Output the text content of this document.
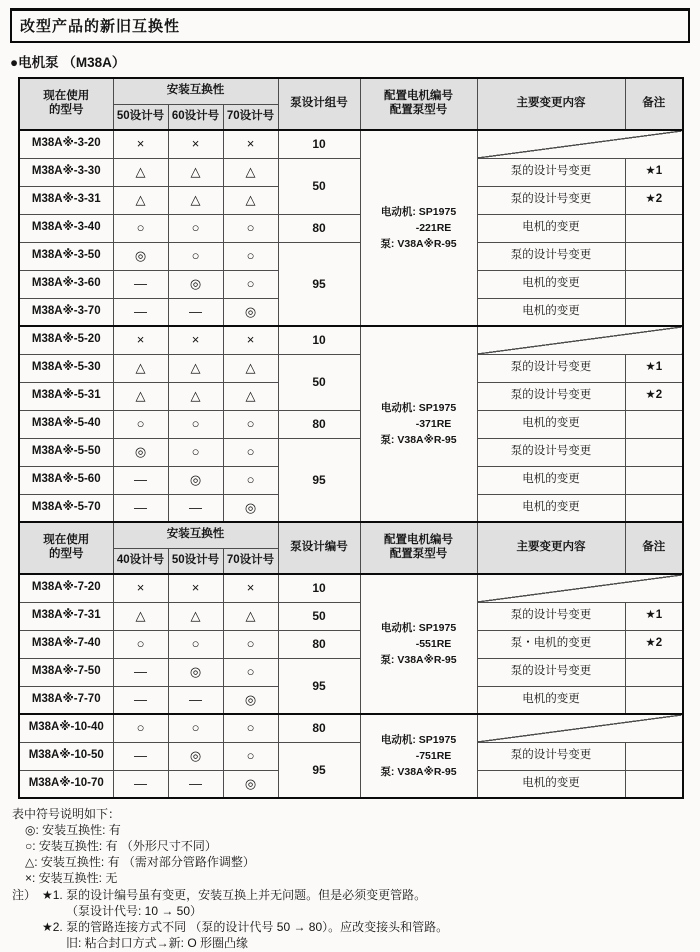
改型产品的新旧互换性
●电机泵 （M38A）
现在使用
的型号
	安装互换性	泵设计组号	
配置电机编号
配置泵型号
	主要变更内容	备注
	50设计号	60设计号	70设计号				
M38A※-3-20	×	×	×	10	电动机: SP1975
-221RE
泵: V38A※R-95		

M38A※-3-30	△	△	△	50		泵的设计号变更	★1
M38A※-3-31	△	△	△			泵的设计号变更	★2
M38A※-3-40	○	○	○	80		电机的变更	
M38A※-3-50	◎	○	○	95		泵的设计号变更	
M38A※-3-60	—	◎	○			电机的变更	
M38A※-3-70	—	—	◎			电机的变更	
M38A※-5-20	×	×	×	10	电动机: SP1975
-371RE
泵: V38A※R-95		

M38A※-5-30	△	△	△	50		泵的设计号变更	★1
M38A※-5-31	△	△	△			泵的设计号变更	★2
M38A※-5-40	○	○	○	80		电机的变更	
M38A※-5-50	◎	○	○	95		泵的设计号变更	
M38A※-5-60	—	◎	○			电机的变更	
M38A※-5-70	—	—	◎			电机的变更	

现在使用
的型号
	安装互换性	泵设计编号	
配置电机编号
配置泵型号
	主要变更内容	备注
	40设计号	50设计号	70设计号				
M38A※-7-20	×	×	×	10	电动机: SP1975
-551RE
泵: V38A※R-95		

M38A※-7-31	△	△	△	50		泵的设计号变更	★1
M38A※-7-40	○	○	○	80		泵・电机的变更	★2
M38A※-7-50	—	◎	○	95		泵的设计号变更	
M38A※-7-70	—	—	◎			电机的变更	
M38A※-10-40	○	○	○	80	电动机: SP1975
-751RE
泵: V38A※R-95		

M38A※-10-50	—	◎	○	95		泵的设计号变更	
M38A※-10-70	—	—	◎			电机的变更	
表中符号说明如下：
◎: 安装互换性: 有
○: 安装互换性: 有 （外形尺寸不同）
△: 安装互换性: 有 （需对部分管路作调整）
×: 安装互换性: 无
注） ★1. 泵的设计编号虽有变更，安装互换上并无问题。但是必须变更管路。
（泵设计代号: 10 → 50）
★2. 泵的管路连接方式不同 （泵的设计代号 50 → 80）。应改变接头和管路。
旧: 粘合封口方式→新: O 形圈凸缘
